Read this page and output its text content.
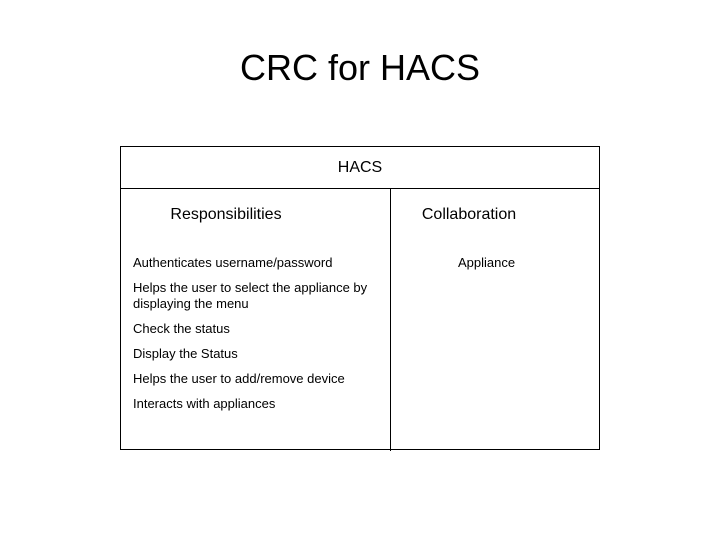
CRC for HACS
HACS
Responsibilities	Collaboration
Authenticates username/password
Helps the user to select the appliance by displaying the menu
Check the status
Display the Status
Helps the user to add/remove device
Interacts with appliances
Appliance
